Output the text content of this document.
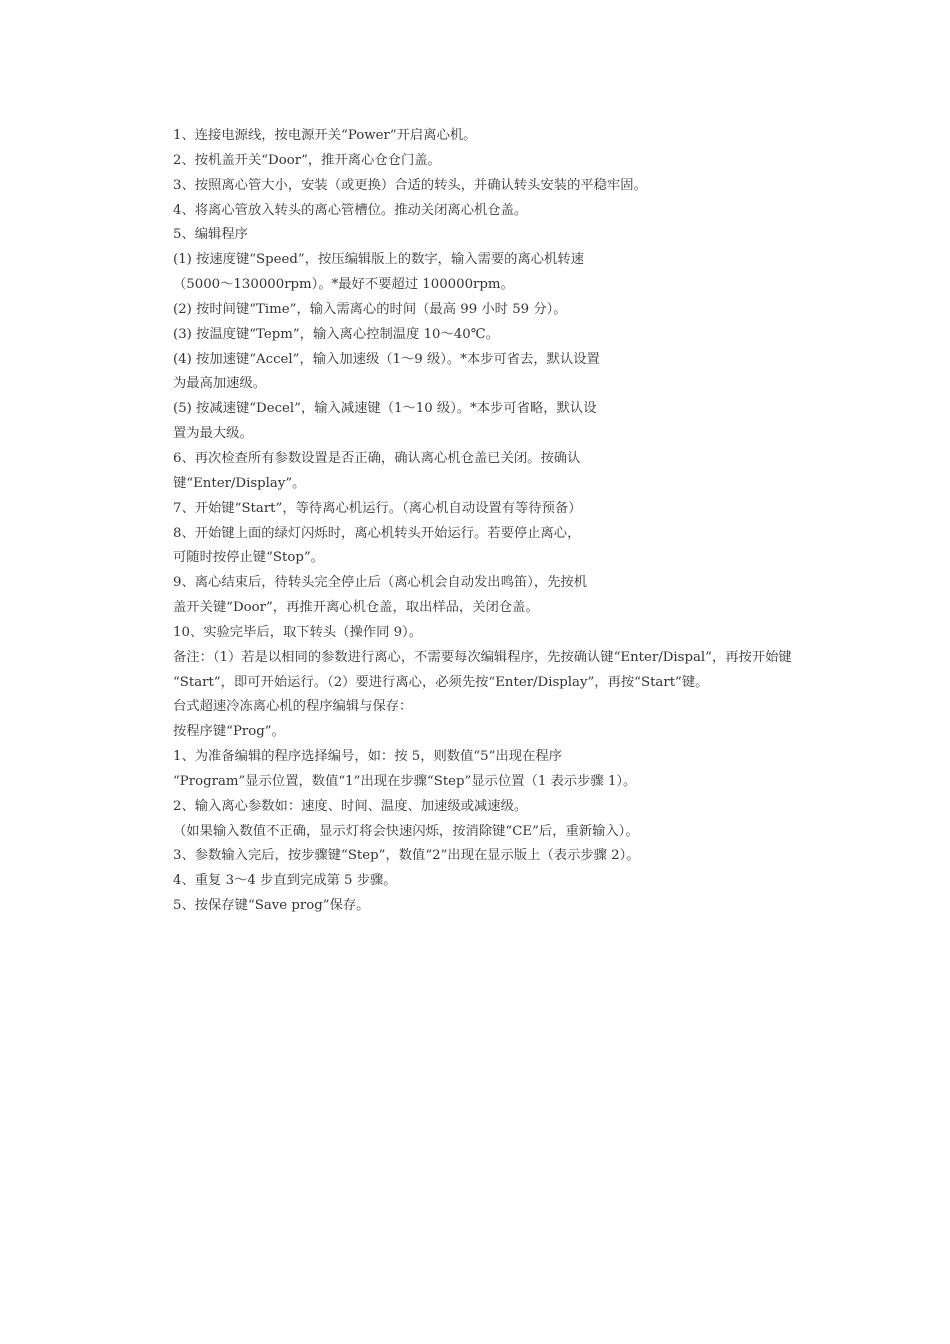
1、连接电源线，按电源开关“Power”开启离心机。
2、按机盖开关“Door”，推开离心仓仓门盖。
3、按照离心管大小，安装（或更换）合适的转头，并确认转头安装的平稳牢固。
4、将离心管放入转头的离心管槽位。推动关闭离心机仓盖。
5、编辑程序
(1) 按速度键“Speed”，按压编辑版上的数字，输入需要的离心机转速
（5000～130000rpm）。*最好不要超过 100000rpm。
(2) 按时间键“Time”，输入需离心的时间（最高 99 小时 59 分）。
(3) 按温度键“Tepm”，输入离心控制温度 10～40℃。
(4) 按加速键“Accel”，输入加速级（1～9 级）。*本步可省去，默认设置
为最高加速级。
(5) 按减速键“Decel”，输入减速键（1～10 级）。*本步可省略，默认设
置为最大级。
6、再次检查所有参数设置是否正确，确认离心机仓盖已关闭。按确认
键“Enter/Display”。
7、开始键“Start”，等待离心机运行。（离心机自动设置有等待预备）
8、开始键上面的绿灯闪烁时，离心机转头开始运行。若要停止离心，
可随时按停止键“Stop”。
9、离心结束后，待转头完全停止后（离心机会自动发出鸣笛），先按机
盖开关键“Door”，再推开离心机仓盖，取出样品，关闭仓盖。
10、实验完毕后，取下转头（操作同 9）。
备注：（1）若是以相同的参数进行离心，不需要每次编辑程序，先按确认键“Enter/Dispal”，再按开始键
“Start”，即可开始运行。（2）要进行离心，必须先按“Enter/Display”，再按“Start”键。
台式超速冷冻离心机的程序编辑与保存：
按程序键“Prog”。
1、为准备编辑的程序选择编号，如：按 5，则数值“5”出现在程序
“Program”显示位置，数值“1”出现在步骤“Step”显示位置（1 表示步骤 1）。
2、输入离心参数如：速度、时间、温度、加速级或减速级。
（如果输入数值不正确，显示灯将会快速闪烁，按消除键“CE”后，重新输入）。
3、参数输入完后，按步骤键“Step”，数值“2”出现在显示版上（表示步骤 2）。
4、重复 3～4 步直到完成第 5 步骤。
5、按保存键“Save prog”保存。
